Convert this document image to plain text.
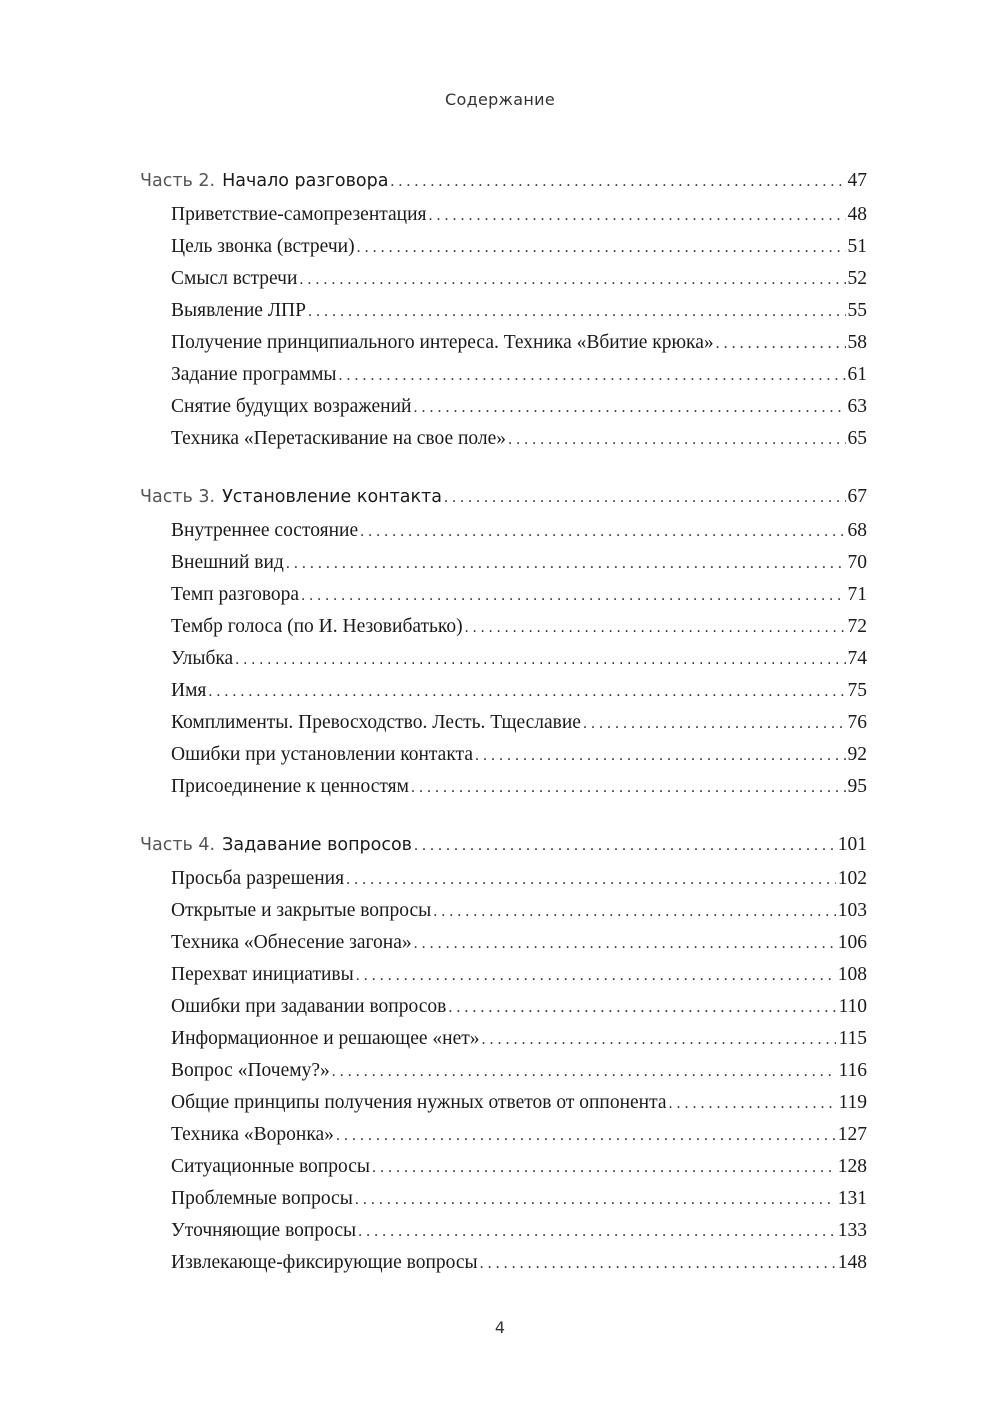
Содержание
Часть 2. Начало разговора . . .	47
Приветствие-самопрезентация . . .	48
Цель звонка (встречи) . . .	51
Смысл встречи . . .	52
Выявление ЛПР . . .	55
Получение принципиального интереса. Техника «Вбитие крюка» . . .	58
Задание программы . . .	61
Снятие будущих возражений . . .	63
Техника «Перетаскивание на свое поле» . . .	65
Часть 3. Установление контакта . . .	67
Внутреннее состояние . . .	68
Внешний вид . . .	70
Темп разговора . . .	71
Тембр голоса (по И. Незовибатько) . . .	72
Улыбка . . .	74
Имя . . .	75
Комплименты. Превосходство. Лесть. Тщеславие . . .	76
Ошибки при установлении контакта . . .	92
Присоединение к ценностям . . .	95
Часть 4. Задавание вопросов . . .	101
Просьба разрешения . . .	102
Открытые и закрытые вопросы . . .	103
Техника «Обнесение загона» . . .	106
Перехват инициативы . . .	108
Ошибки при задавании вопросов . . .	110
Информационное и решающее «нет» . . .	115
Вопрос «Почему?» . . .	116
Общие принципы получения нужных ответов от оппонента . . .	119
Техника «Воронка» . . .	127
Ситуационные вопросы . . .	128
Проблемные вопросы . . .	131
Уточняющие вопросы . . .	133
Извлекающе-фиксирующие вопросы . . .	148
4
